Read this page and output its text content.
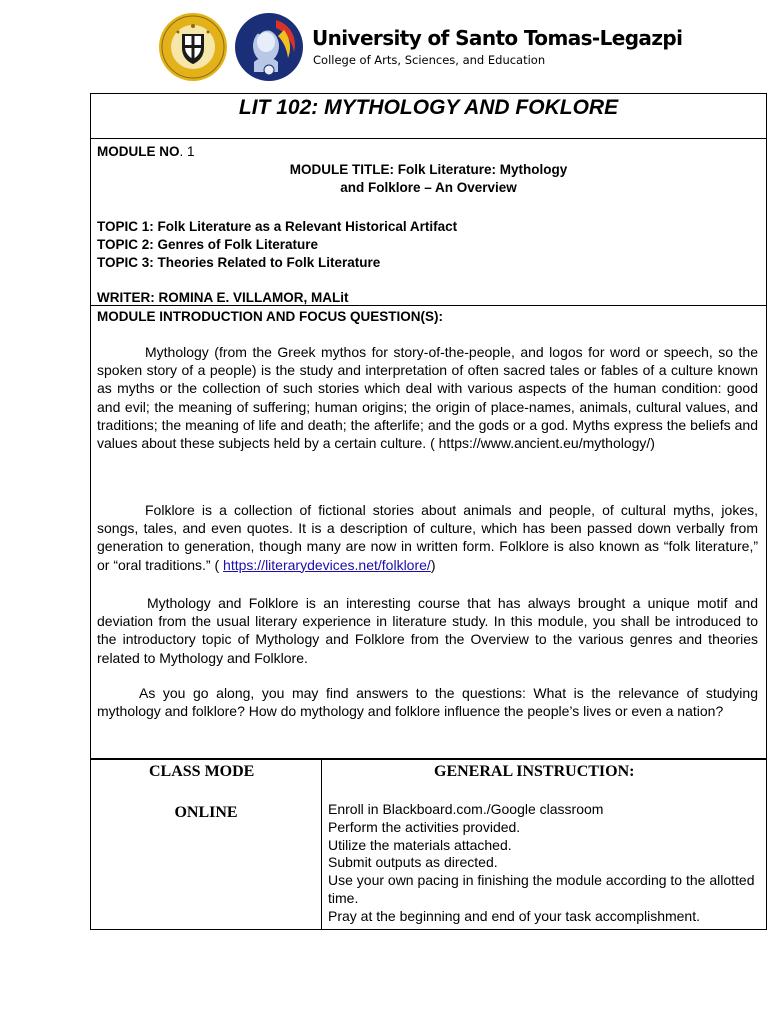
University of Santo Tomas-Legazpi
College of Arts, Sciences, and Education
LIT 102: MYTHOLOGY AND FOKLORE
MODULE NO. 1
MODULE TITLE: Folk Literature: Mythology
and Folklore – An Overview
TOPIC 1: Folk Literature as a Relevant Historical Artifact
TOPIC 2: Genres of Folk Literature
TOPIC 3: Theories Related to Folk Literature
WRITER: ROMINA E. VILLAMOR, MALit
MODULE INTRODUCTION AND FOCUS QUESTION(S):

Mythology (from the Greek mythos for story-of-the-people, and logos for word or speech, so the spoken story of a people) is the study and interpretation of often sacred tales or fables of a culture known as myths or the collection of such stories which deal with various aspects of the human condition: good and evil; the meaning of suffering; human origins; the origin of place-names, animals, cultural values, and traditions; the meaning of life and death; the afterlife; and the gods or a god. Myths express the beliefs and values about these subjects held by a certain culture. ( https://www.ancient.eu/mythology/)

Folklore is a collection of fictional stories about animals and people, of cultural myths, jokes, songs, tales, and even quotes. It is a description of culture, which has been passed down verbally from generation to generation, though many are now in written form. Folklore is also known as “folk literature,” or “oral traditions.” ( https://literarydevices.net/folklore/)

Mythology and Folklore is an interesting course that has always brought a unique motif and deviation from the usual literary experience in literature study. In this module, you shall be introduced to the introductory topic of Mythology and Folklore from the Overview to the various genres and theories related to Mythology and Folklore.

As you go along, you may find answers to the questions: What is the relevance of studying mythology and folklore? How do mythology and folklore influence the people’s lives or even a nation?

CLASS MODE	GENERAL INSTRUCTION:
ONLINE	Enroll in Blackboard.com./Google classroom
Perform the activities provided.
Utilize the materials attached.
Submit outputs as directed.
Use your own pacing in finishing the module according to the allotted time.
Pray at the beginning and end of your task accomplishment.
